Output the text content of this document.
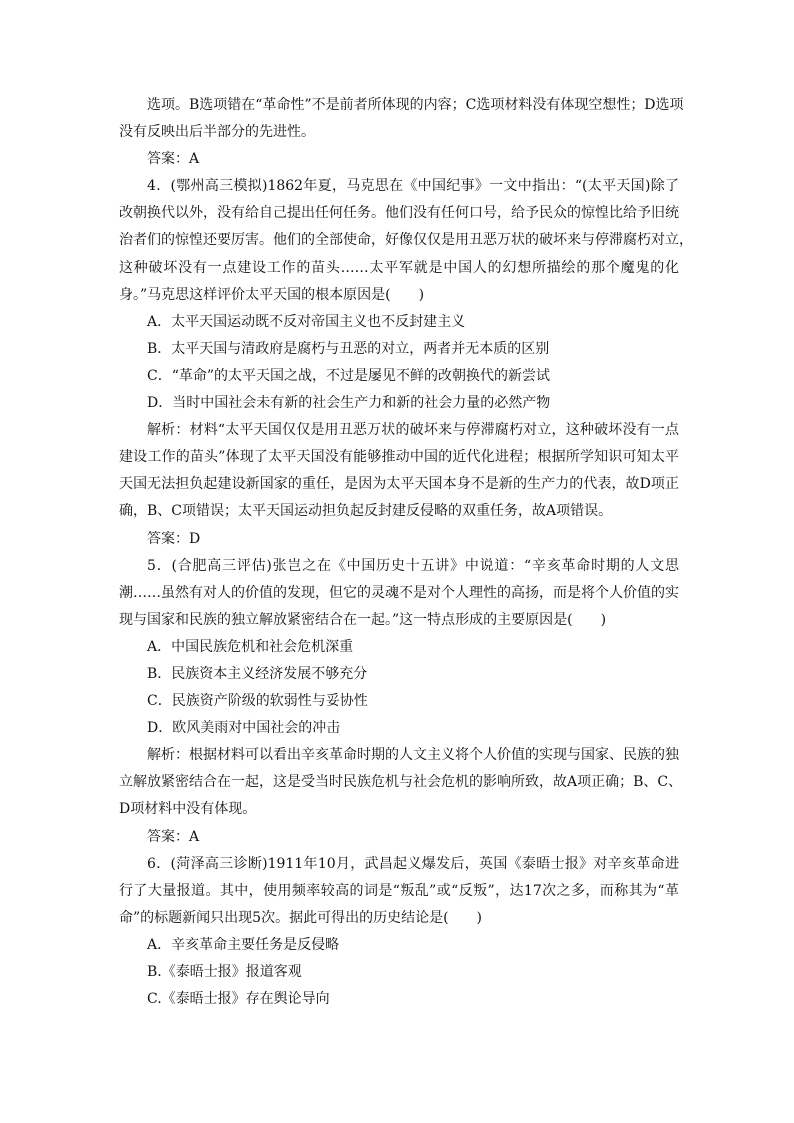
选项。B选项错在“革命性”不是前者所体现的内容；C选项材料没有体现空想性；D选项
没有反映出后半部分的先进性。
答案：A
4．(鄂州高三模拟)1862年夏，马克思在《中国纪事》一文中指出：“(太平天国)除了
改朝换代以外，没有给自己提出任何任务。他们没有任何口号，给予民众的惊惶比给予旧统
治者们的惊惶还要厉害。他们的全部使命，好像仅仅是用丑恶万状的破坏来与停滞腐朽对立，
这种破坏没有一点建设工作的苗头……太平军就是中国人的幻想所描绘的那个魔鬼的化
身。”马克思这样评价太平天国的根本原因是(　　)
A．太平天国运动既不反对帝国主义也不反封建主义
B．太平天国与清政府是腐朽与丑恶的对立，两者并无本质的区别
C．“革命”的太平天国之战，不过是屡见不鲜的改朝换代的新尝试
D．当时中国社会未有新的社会生产力和新的社会力量的必然产物
解析：材料“太平天国仅仅是用丑恶万状的破坏来与停滞腐朽对立，这种破坏没有一点
建设工作的苗头”体现了太平天国没有能够推动中国的近代化进程；根据所学知识可知太平
天国无法担负起建设新国家的重任，是因为太平天国本身不是新的生产力的代表，故D项正
确，B、C项错误；太平天国运动担负起反封建反侵略的双重任务，故A项错误。
答案：D
5．(合肥高三评估)张岂之在《中国历史十五讲》中说道：“辛亥革命时期的人文思
潮……虽然有对人的价值的发现，但它的灵魂不是对个人理性的高扬，而是将个人价值的实
现与国家和民族的独立解放紧密结合在一起。”这一特点形成的主要原因是(　　)
A．中国民族危机和社会危机深重
B．民族资本主义经济发展不够充分
C．民族资产阶级的软弱性与妥协性
D．欧风美雨对中国社会的冲击
解析：根据材料可以看出辛亥革命时期的人文主义将个人价值的实现与国家、民族的独
立解放紧密结合在一起，这是受当时民族危机与社会危机的影响所致，故A项正确；B、C、
D项材料中没有体现。
答案：A
6．(菏泽高三诊断)1911年10月，武昌起义爆发后，英国《泰晤士报》对辛亥革命进
行了大量报道。其中，使用频率较高的词是“叛乱”或“反叛”，达17次之多，而称其为“革
命”的标题新闻只出现5次。据此可得出的历史结论是(　　)
A．辛亥革命主要任务是反侵略
B.《泰晤士报》报道客观
C.《泰晤士报》存在舆论导向
